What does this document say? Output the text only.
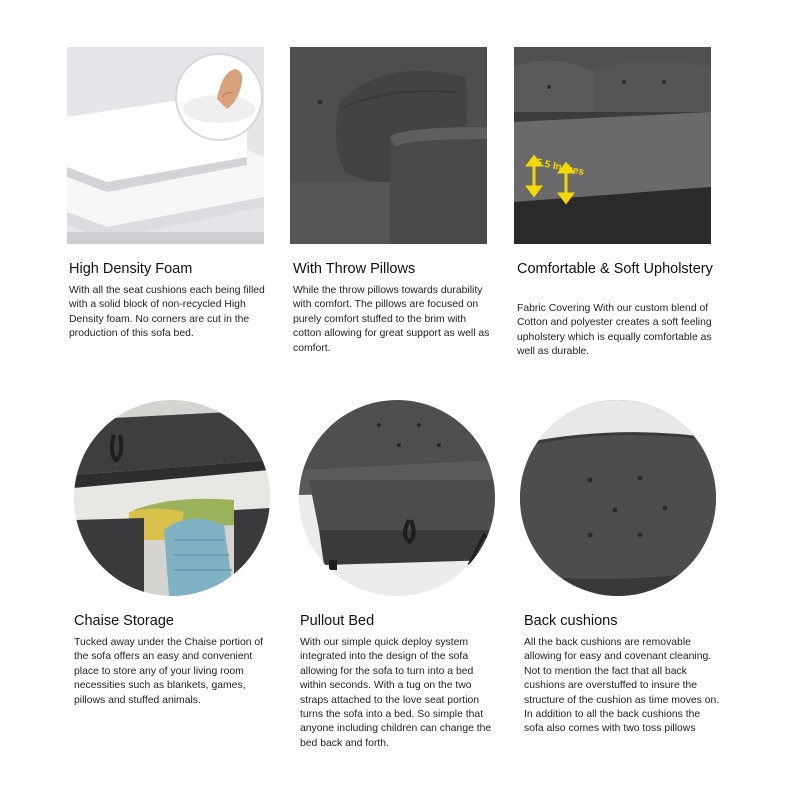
High Density Foam

With all the seat cushions each being filled with a solid block of non-recycled High Density foam. No corners are cut in the production of this sofa bed.

With Throw Pillows

While the throw pillows towards durability with comfort. The pillows are focused on purely comfort stuffed to the brim with cotton allowing for great support as well as comfort.

5.5 Inches
Comfortable & Soft Upholstery

Fabric Covering With our custom blend of Cotton and polyester creates a soft feeling upholstery which is equally comfortable as well as durable.

Chaise Storage

Tucked away under the Chaise portion of the sofa offers an easy and convenient place to store any of your living room necessities such as blankets, games, pillows and stuffed animals.

Pullout Bed

With our simple quick deploy system integrated into the design of the sofa allowing for the sofa to turn into a bed within seconds. With a tug on the two straps attached to the love seat portion turns the sofa into a bed. So simple that anyone including children can change the bed back and forth.

Back cushions

All the back cushions are removable allowing for easy and covenant cleaning. Not to mention the fact that all back cushions are overstuffed to insure the structure of the cushion as time moves on. In addition to all the back cushions the sofa also comes with two toss pillows
